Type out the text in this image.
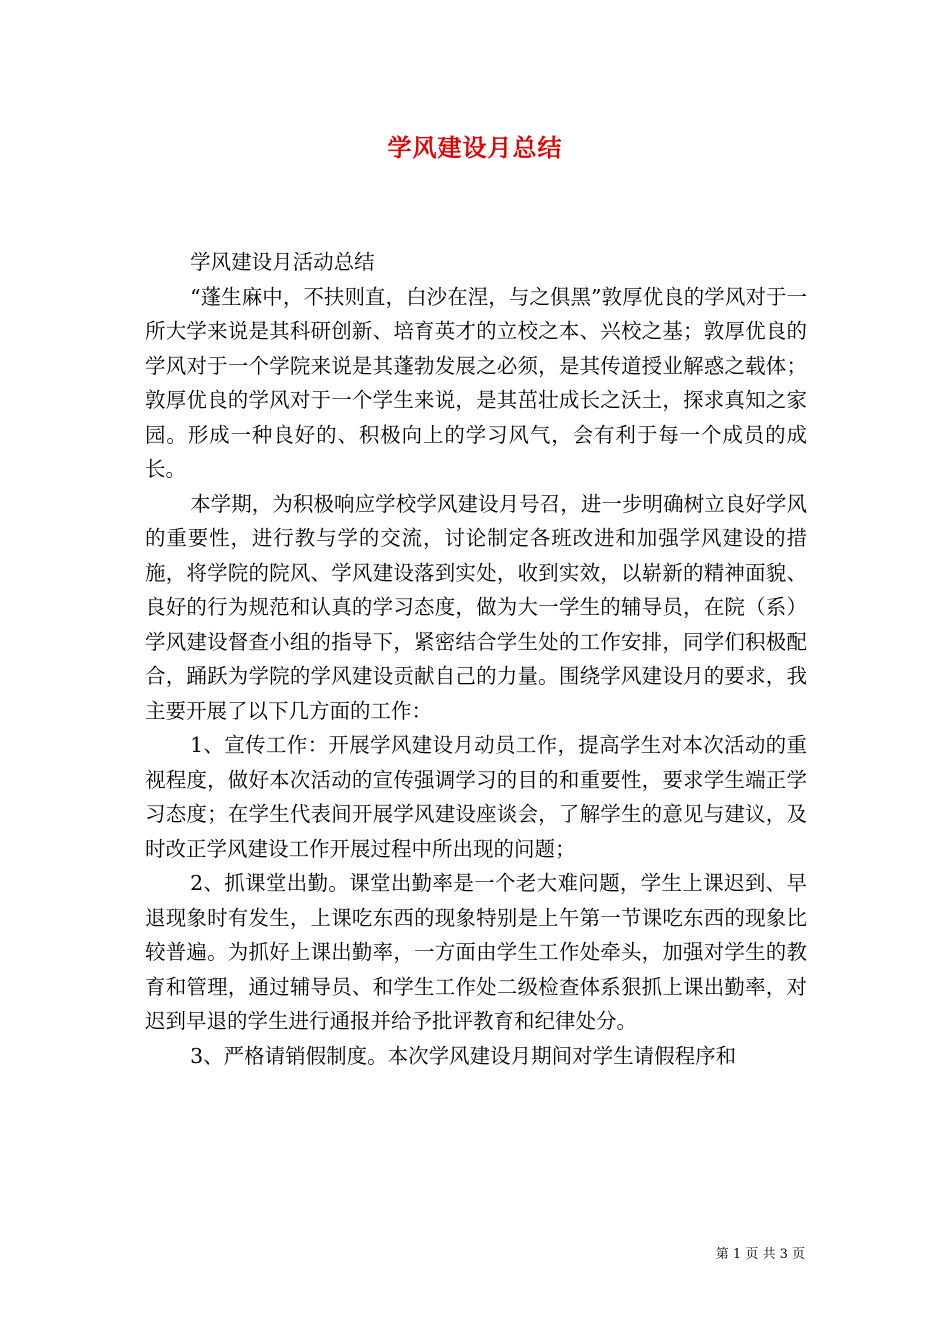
学风建设月总结

学风建设月活动总结

“蓬生麻中，不扶则直，白沙在涅，与之俱黑”敦厚优良的学风对于一所大学来说是其科研创新、培育英才的立校之本、兴校之基；敦厚优良的学风对于一个学院来说是其蓬勃发展之必须，是其传道授业解惑之载体；敦厚优良的学风对于一个学生来说，是其茁壮成长之沃土，探求真知之家园。形成一种良好的、积极向上的学习风气，会有利于每一个成员的成长。

本学期，为积极响应学校学风建设月号召，进一步明确树立良好学风的重要性，进行教与学的交流，讨论制定各班改进和加强学风建设的措施，将学院的院风、学风建设落到实处，收到实效，以崭新的精神面貌、良好的行为规范和认真的学习态度，做为大一学生的辅导员，在院（系）学风建设督查小组的指导下，紧密结合学生处的工作安排，同学们积极配合，踊跃为学院的学风建设贡献自己的力量。围绕学风建设月的要求，我主要开展了以下几方面的工作：

1、宣传工作：开展学风建设月动员工作，提高学生对本次活动的重视程度，做好本次活动的宣传强调学习的目的和重要性，要求学生端正学习态度；在学生代表间开展学风建设座谈会，了解学生的意见与建议，及时改正学风建设工作开展过程中所出现的问题；

2、抓课堂出勤。课堂出勤率是一个老大难问题，学生上课迟到、早退现象时有发生，上课吃东西的现象特别是上午第一节课吃东西的现象比较普遍。为抓好上课出勤率，一方面由学生工作处牵头，加强对学生的教育和管理，通过辅导员、和学生工作处二级检查体系狠抓上课出勤率，对迟到早退的学生进行通报并给予批评教育和纪律处分。

3、严格请销假制度。本次学风建设月期间对学生请假程序和

第 1 页 共 3 页
